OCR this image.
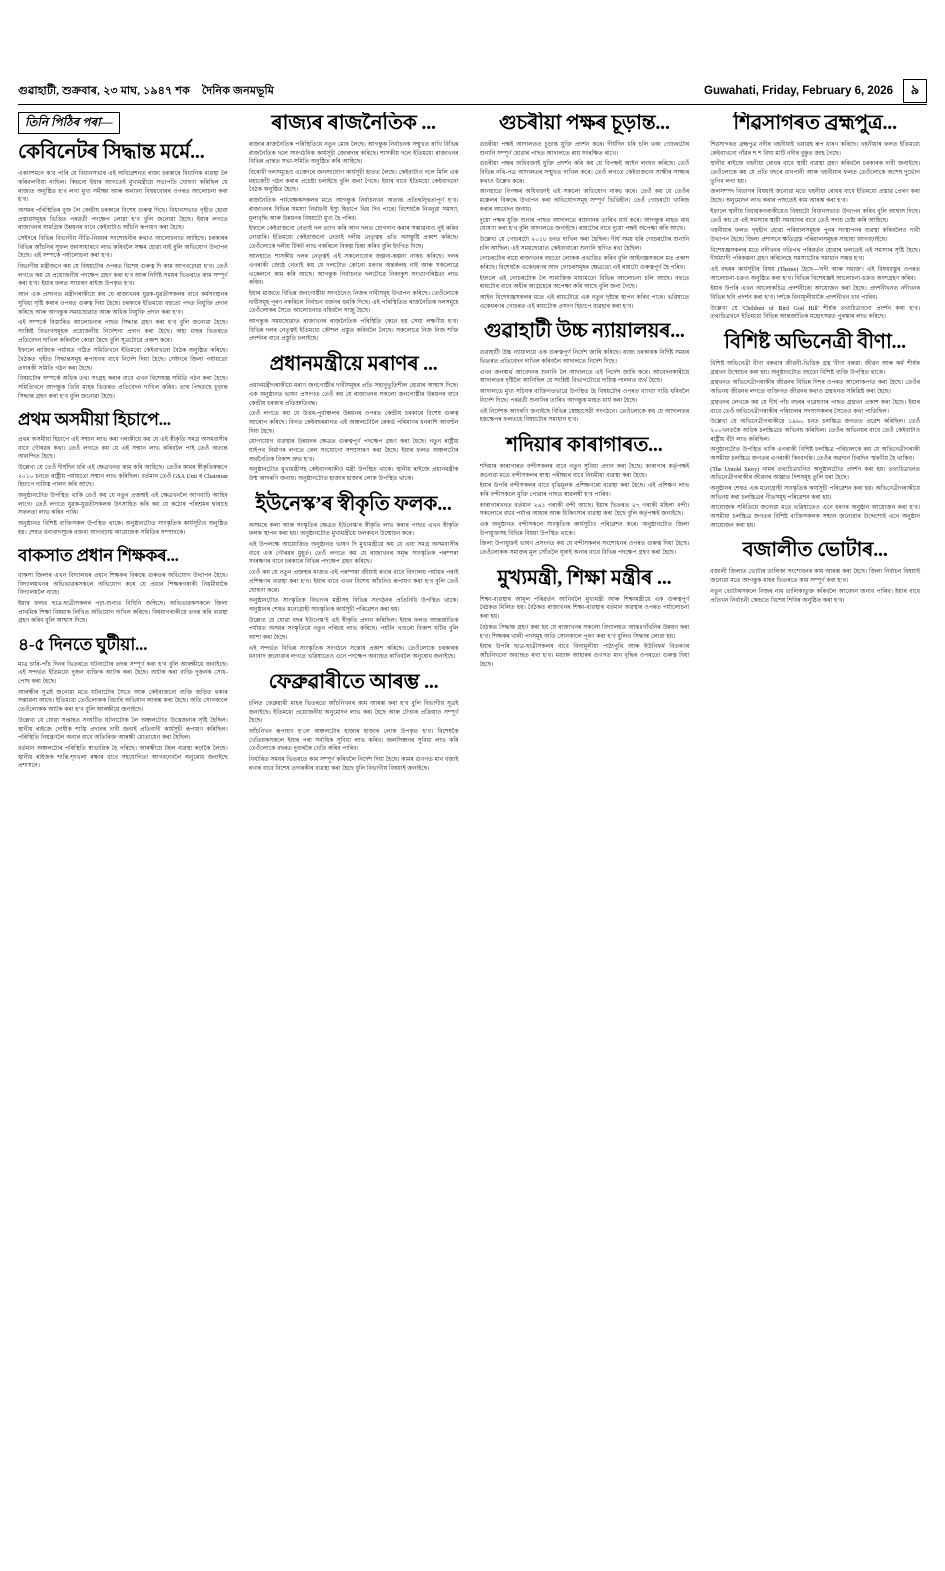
গুৱাহাটী, শুক্ৰবাৰ, ২৩ মাঘ, ১৯৪৭ শক দৈনিক জনমভূমি	Guwahati, Friday, February 6, 2026	৯
তিনি পিঠিৰ পৰা—
কেবিনেটৰ সিদ্ধান্ত মৰ্মে...

একাংশমনে ক’ব পাৰি যে বিধানসভাৰ এই অধিৱেশনত ৰাজ্য চৰকাৰে বিধানিক ব্যৱস্থা লৈ কৰিবলগীয়া নাছিল। কিয়নো ইয়াৰ আগতেই মুখ্যমন্ত্ৰীয়ে সভাপতি ঘোষণা কৰিছিল যে ৰাজ্যত অনুষ্ঠিত হ’ব লগা মুখ্য সমীক্ষা আৰু অন্যান্য বিষয়বোৰৰ ওপৰত আলোচনা কৰা হ’ব।

অসমৰ পৰিস্থিতিৰ বুজ লৈ কেন্দ্ৰীয় চৰকাৰে বিশেষ গুৰুত্ব দিছে। বিধানসভাত গৃহীত হোৱা প্ৰস্তাৱসমূহৰ ভিত্তিত পৰৱৰ্তী পদক্ষেপ লোৱা হ’ব বুলি জনোৱা হৈছে। ইয়াৰ লগতে ৰাজ্যখনৰ সামগ্ৰিক উন্নয়নৰ বাবে কেইবাটাও আঁচনি ৰূপায়ণ কৰা হৈছে।

সেইদৰে বিভিন্ন বিভাগীয় নীতি-নিয়মৰ সংশোধনীৰ কথাও আলোচনাত আহিছে। চৰকাৰৰ বিভিন্ন আঁচনিৰ সুফল জনসাধাৰণে লাভ কৰিবলৈ সক্ষম হোৱা নাই বুলি অভিযোগ উত্থাপন হৈছে। এই সম্পৰ্কে পৰ্যালোচনা কৰা হ’ব।

বিভাগীয় মন্ত্ৰীজনে কয় যে বিষয়টোৰ ওপৰত বিশেষ গুৰুত্ব দি কাম আগবঢ়োৱা হ’ব। তেওঁ লগতে কয় যে প্ৰয়োজনীয় পদক্ষেপ গ্ৰহণ কৰা হ’ব আৰু নিৰ্দিষ্ট সময়ৰ ভিতৰতে কাম সম্পূৰ্ণ কৰা হ’ব। ইয়াৰ ফলত সাধাৰণ ৰাইজ উপকৃত হ’ব।

আন এক প্ৰসংগত মন্ত্ৰীগৰাকীয়ে কয় যে ৰাজ্যখনৰ যুৱক-যুৱতীসকলৰ বাবে কৰ্মসংস্থানৰ সুবিধা সৃষ্টি কৰাৰ ওপৰত গুৰুত্ব দিয়া হৈছে। চৰকাৰে ইতিমধ্যে বহুতো পদত নিযুক্তি প্ৰদান কৰিছে আৰু আগন্তুক সময়ছোৱাত আৰু অধিক নিযুক্তি প্ৰদান কৰা হ’ব।

এই সম্পৰ্কে বিস্তাৰিত আলোচনাৰ পাছত সিদ্ধান্ত গ্ৰহণ কৰা হ’ব বুলি জনোৱা হৈছে। সংশ্লিষ্ট বিভাগসমূহক প্ৰয়োজনীয় নিৰ্দেশনা প্ৰদান কৰা হৈছে। অহা মাহৰ ভিতৰতে প্ৰতিবেদন দাখিল কৰিবলৈ কোৱা হৈছে বুলি সূত্ৰটোৱে প্ৰকাশ কৰে।

ইফালে ৰাজ্যিক পৰ্যায়ত গঠিত সমিতিখনে ইতিমধ্যে কেইবাখনো বৈঠক অনুষ্ঠিত কৰিছে। বৈঠকত গৃহীত সিদ্ধান্তসমূহ ৰূপায়ণৰ বাবে নিৰ্দেশ দিয়া হৈছে। সেইদৰে জিলা পৰ্যায়তো তদাৰকী সমিতি গঠন কৰা হৈছে।

বিষয়টোৰ সম্পৰ্কে অধিক তথ্য সংগ্ৰহ কৰাৰ বাবে এখন বিশেষজ্ঞ সমিতি গঠন কৰা হৈছে। সমিতিখনে আগন্তুক তিনি মাহৰ ভিতৰত প্ৰতিবেদন দাখিল কৰিব। তাৰ পিছতহে চূড়ান্ত সিদ্ধান্ত গ্ৰহণ কৰা হ’ব বুলি জনোৱা হৈছে।

প্ৰথম অসমীয়া হিচাপে...

প্ৰথম অসমীয়া হিচাপে এই সন্মান লাভ কৰা গৰাকীয়ে কয় যে এই স্বীকৃতি সমগ্ৰ অসমবাসীৰ বাবে গৌৰৱৰ কথা। তেওঁ লগতে কয় যে এই সন্মান লাভ কৰিবলৈ পাই তেওঁ অত্যন্ত আনন্দিত হৈছে।

উল্লেখ্য যে তেওঁ দীৰ্ঘদিন ধৰি এই ক্ষেত্ৰখনত কাম কৰি আহিছে। তেওঁৰ কামৰ স্বীকৃতিস্বৰূপে ২০১০ চনতে ৰাষ্ট্ৰীয় পৰ্যায়তো সন্মান লাভ কৰিছিল। বৰ্তমান তেওঁ GSA Unit ৰ Chairman হিচাপে দায়িত্ব পালন কৰি আছে।

অনুষ্ঠানটোত উপস্থিত থাকি তেওঁ কয় যে নতুন প্ৰজন্মই এই ক্ষেত্ৰখনলৈ আগবাঢ়ি আহিব লাগে। তেওঁ লগতে যুৱক-যুৱতীসকলক উৎসাহিত কৰি কয় যে কঠোৰ পৰিশ্ৰমৰ দ্বাৰাহে সফলতা লাভ কৰিব পাৰি।

অনুষ্ঠানত বিশিষ্ট ব্যক্তিসকল উপস্থিত থাকে। অনুষ্ঠানটোত সাংস্কৃতিক কাৰ্যসূচীও অনুষ্ঠিত হয়। শেষত ধন্যবাদসূচক বক্তব্য আগবঢ়ায় আয়োজক সমিতিৰ সম্পাদকে।

বাকসাত প্ৰধান শিক্ষকৰ...

বাকসা জিলাৰ এখন বিদ্যালয়ৰ প্ৰধান শিক্ষকৰ বিৰুদ্ধে গুৰুতৰ অভিযোগ উত্থাপন হৈছে। বিদ্যালয়খনৰ অভিভাৱকসকলে অভিযোগ কৰে যে প্ৰধান শিক্ষকগৰাকী নিয়মীয়াকৈ বিদ্যালয়লৈ নাহে।

ইয়াৰ ফলত ছাত্ৰ-ছাত্ৰীসকলৰ পঢ়া-শুনাত বিঘিনি জন্মিছে। অভিভাৱকসকলে জিলা প্ৰাথমিক শিক্ষা বিষয়াক লিখিত অভিযোগ দাখিল কৰিছে। বিষয়াগৰাকীয়ে তদন্ত কৰি ব্যৱস্থা গ্ৰহণ কৰিব বুলি আশ্বাস দিছে।

৪-৫ দিনতে ঘুটীয়া...

মাত্ৰ চাৰি-পাঁচ দিনৰ ভিতৰতে ঘটনাটোৰ তদন্ত সম্পূৰ্ণ কৰা হ’ব বুলি আৰক্ষীয়ে জনাইছে। এই সন্দৰ্ভত ইতিমধ্যে দুজন ব্যক্তিক আটক কৰা হৈছে। আটক কৰা ব্যক্তি দুজনক সোধ-পোছ কৰা হৈছে।

আৰক্ষীৰ সূত্ৰই জনোৱা মতে ঘটনাটোৰ সৈতে আৰু কেইবাজনো ব্যক্তি জড়িত থকাৰ সম্ভাৱনা আছে। ইতিমধ্যে তেওঁলোকক বিচাৰি অভিযান আৰম্ভ কৰা হৈছে। অতি সোনকালে তেওঁলোকক আটক কৰা হ’ব বুলি আৰক্ষীয়ে জনাইছে।

উল্লেখ্য যে যোৱা সপ্তাহত সংঘটিত ঘটনাটোক লৈ অঞ্চলটোত উত্তেজনাৰ সৃষ্টি হৈছিল। স্থানীয় ৰাইজে দোষীক শাস্তি প্ৰদানৰ দাবী জনাই প্ৰতিবাদী কাৰ্যসূচী ৰূপায়ণ কৰিছিল। পৰিস্থিতি নিয়ন্ত্ৰণলৈ অনাৰ বাবে অতিৰিক্ত আৰক্ষী মোতায়েন কৰা হৈছিল।

বৰ্তমান অঞ্চলটোৰ পৰিস্থিতি স্বাভাৱিক হৈ পৰিছে। আৰক্ষীয়ে টহল ব্যৱস্থা কঢ়াকৈ লৈছে। স্থানীয় ৰাইজক শান্তি-শৃংখলা ৰক্ষাৰ বাবে সহযোগিতা আগবঢ়াবলৈ অনুৰোধ জনাইছে প্ৰশাসনে।

ৰাজ্যৰ ৰাজনৈতিক ...

ৰাজ্যৰ ৰাজনৈতিক পৰিস্থিতিয়ে নতুন মোৰ লৈছে। আগন্তুক নিৰ্বাচনক সন্মুখত ৰাখি বিভিন্ন ৰাজনৈতিক দলে সাংগঠনিক কাৰ্যসূচী জোৰদাৰ কৰিছে। শাসকীয় দলে ইতিমধ্যে ৰাজ্যখনৰ বিভিন্ন প্ৰান্তত সভা-সমিতি অনুষ্ঠিত কৰি আহিছে।

বিৰোধী দলসমূহেও একেদৰে জনসংযোগ কাৰ্যসূচী হাতত লৈছে। কেইবাটাও দলে মিলি এক মহাজোঁট গঠন কৰাৰ প্ৰচেষ্টা চলাইছে বুলি জনা গৈছে। ইয়াৰ বাবে ইতিমধ্যে কেইবাখনো বৈঠক অনুষ্ঠিত হৈছে।

ৰাজনৈতিক পৰ্যবেক্ষকসকলৰ মতে আগন্তুক নিৰ্বাচনখন অত্যন্ত প্ৰতিদ্বন্দ্বিতাপূৰ্ণ হ’ব। ৰাজ্যখনৰ বিভিন্ন সমস্যা নিৰ্বাচনী ইস্যু হিচাপে থিয় দিব পাৰে। বিশেষকৈ নিবনুৱা সমস্যা, মূল্যবৃদ্ধি আৰু উন্নয়নৰ বিষয়টো মুখ্য হৈ পৰিব।

ইফালে কেইবাজনো নেতাই দল ত্যাগ কৰি আন দলত যোগদান কৰাৰ সম্ভাৱনাও নুই কৰিব নোৱাৰি। ইতিমধ্যে কেইবাজনো নেতাই দলীয় নেতৃত্বৰ প্ৰতি অসন্তুষ্টি প্ৰকাশ কৰিছে। তেওঁলোকে দলীয় টিকট লাভ নকৰিলে বিকল্প চিন্তা কৰিব বুলি ইংগিত দিছে।

আনহাতে শাসকীয় দলৰ নেতৃত্বই এই সকলোবোৰ জল্পনা-কল্পনা নাকচ কৰিছে। দলৰ এগৰাকী জ্যেষ্ঠ নেতাই কয় যে দলটোত কোনো ধৰণৰ অন্তৰ্কলহ নাই আৰু সকলোৱে একেলগে কাম কৰি আছে। আগন্তুক নিৰ্বাচনত দলটোৱে নিৰংকুশ সংখ্যাগৰিষ্ঠতা লাভ কৰিব।

ইয়াৰ মাজতে বিভিন্ন জনগোষ্ঠীয় সংগঠনেও নিজৰ দাবীসমূহ উত্থাপন কৰিছে। তেওঁলোকে দাবীসমূহ পূৰণ নকৰিলে নিৰ্বাচন বৰ্জনৰ হুমকি দিছে। এই পৰিস্থিতিত ৰাজনৈতিক দলসমূহে তেওঁলোকৰ সৈতে আলোচনাত বহিবলৈ সাজু হৈছে।

আগন্তুক সময়ছোৱাত ৰাজ্যখনৰ ৰাজনৈতিক পৰিস্থিতি কেনে হয় সেয়া লক্ষণীয় হ’ব। বিভিন্ন দলৰ নেতৃত্বই ইতিমধ্যে কৌশল প্ৰস্তুত কৰিবলৈ লৈছে। সকলোৱে নিজ নিজ শক্তি প্ৰদৰ্শনৰ বাবে প্ৰস্তুতি চলাইছে।

প্ৰধানমন্ত্ৰীয়ে মৰাণৰ ...

প্ৰধানমন্ত্ৰীগৰাকীয়ে মৰাণ জনগোষ্ঠীৰ দাবীসমূহৰ প্ৰতি সহানুভূতিশীল হোৱাৰ আশ্বাস দিছে। এক অনুষ্ঠানত ভাষণ প্ৰসংগত তেওঁ কয় যে ৰাজ্যখনৰ সকলো জনগোষ্ঠীৰ উন্নয়নৰ বাবে কেন্দ্ৰীয় চৰকাৰ প্ৰতিশ্ৰুতিবদ্ধ।

তেওঁ লগতে কয় যে উত্তৰ-পূৰ্বাঞ্চলৰ উন্নয়নৰ ওপৰত কেন্দ্ৰীয় চৰকাৰে বিশেষ গুৰুত্ব আৰোপ কৰিছে। বিগত কেইবছৰমানত এই অঞ্চলটোলৈ ৰেকৰ্ড পৰিমাণৰ ধনৰাশি আবণ্টন দিয়া হৈছে।

যোগাযোগ ব্যৱস্থাৰ উন্নয়নৰ ক্ষেত্ৰত গুৰুত্বপূৰ্ণ পদক্ষেপ গ্ৰহণ কৰা হৈছে। নতুন ৰাষ্ট্ৰীয় ঘাইপথ নিৰ্মাণৰ লগতে ৰেল সংযোগো সম্প্ৰসাৰণ কৰা হৈছে। ইয়াৰ ফলত অঞ্চলটোৰ অৰ্থনৈতিক বিকাশ দ্ৰুত হ’ব।

অনুষ্ঠানটোত মুখ্যমন্ত্ৰীসহ কেইবাগৰাকীও মন্ত্ৰী উপস্থিত থাকে। স্থানীয় ৰাইজে প্ৰধানমন্ত্ৰীক উষ্ম আদৰণি জনায়। অনুষ্ঠানটোত হাজাৰ হাজাৰ লোক উপস্থিত থাকে।

ইউনেস্ক’ৰ স্বীকৃতি ফলক...

অসমৰে কলা আৰু সংস্কৃতিৰ ক্ষেত্ৰত ইউনেস্ক’ৰ স্বীকৃতি লাভ কৰাৰ পাছত এখন স্বীকৃতি ফলক স্থাপন কৰা হয়। অনুষ্ঠানটোত মুখ্যমন্ত্ৰীয়ে ফলকখন উন্মোচন কৰে।

এই উপলক্ষে আয়োজিত অনুষ্ঠানত ভাষণ দি মুখ্যমন্ত্ৰীয়ে কয় যে এয়া সমগ্ৰ অসমবাসীৰ বাবে এক গৌৰৱৰ মুহূৰ্ত। তেওঁ লগতে কয় যে ৰাজ্যখনৰ সমৃদ্ধ সাংস্কৃতিক পৰম্পৰা সংৰক্ষণৰ বাবে চৰকাৰে বিভিন্ন পদক্ষেপ গ্ৰহণ কৰিছে।

তেওঁ কয় যে নতুন প্ৰজন্মৰ মাজত এই পৰম্পৰা জীয়াই ৰখাৰ বাবে বিদ্যালয় পৰ্যায়ৰ পৰাই প্ৰশিক্ষণৰ ব্যৱস্থা কৰা হ’ব। ইয়াৰ বাবে এখন বিশেষ আঁচনিও ৰূপায়ণ কৰা হ’ব বুলি তেওঁ ঘোষণা কৰে।

অনুষ্ঠানটোত সাংস্কৃতিক বিভাগৰ মন্ত্ৰীসহ বিভিন্ন সংগঠনৰ প্ৰতিনিধি উপস্থিত থাকে। অনুষ্ঠানৰ শেষত মনোগ্ৰাহী সাংস্কৃতিক কাৰ্যসূচী পৰিৱেশন কৰা হয়।

উল্লেখ্য যে যোৱা বছৰ ইউনেস্ক’ই এই স্বীকৃতি প্ৰদান কৰিছিল। ইয়াৰ ফলত আন্তৰ্জাতিক পৰ্যায়ত অসমৰ সংস্কৃতিয়ে নতুন পৰিচয় লাভ কৰিছে। পৰ্যটন খণ্ডৰো বিকাশ ঘটিব বুলি আশা কৰা হৈছে।

এই সন্দৰ্ভত বিভিন্ন সাংস্কৃতিক সংগঠনে সন্তোষ প্ৰকাশ কৰিছে। তেওঁলোকে চৰকাৰক ধন্যবাদ জনোৱাৰ লগতে ভৱিষ্যতেও এনে পদক্ষেপ অব্যাহত ৰাখিবলৈ অনুৰোধ জনাইছে।

ফেব্ৰুৱাৰীতে আৰম্ভ ...

চলিত ফেব্ৰুৱাৰী মাহৰ ভিতৰতে আঁচনিখনৰ কাম আৰম্ভ কৰা হ’ব বুলি বিভাগীয় সূত্ৰই জনাইছে। ইতিমধ্যে প্ৰয়োজনীয় অনুমোদন লাভ কৰা হৈছে আৰু টেণ্ডাৰ প্ৰক্ৰিয়াও সম্পূৰ্ণ হৈছে।

আঁচনিখন ৰূপায়ণ হ’লে অঞ্চলটোৰ হাজাৰ হাজাৰ লোক উপকৃত হ’ব। বিশেষকৈ খেতিয়কসকলে ইয়াৰ পৰা সৰ্বাধিক সুবিধা লাভ কৰিব। জলসিঞ্চনৰ সুবিধা লাভ কৰি তেওঁলোকে বছৰত দুবাৰকৈ খেতি কৰিব পাৰিব।

নিৰ্ধাৰিত সময়ৰ ভিতৰতে কাম সম্পূৰ্ণ কৰিবলৈ নিৰ্দেশ দিয়া হৈছে। কামৰ গুণগত মান বজাই ৰখাৰ বাবে বিশেষ তদাৰকীৰ ব্যৱস্থা কৰা হৈছে বুলি বিভাগীয় বিষয়াই জনাইছে।

গুচৰীয়া পক্ষৰ চূড়ান্ত...

গুচৰীয়া পক্ষই আদালতত চূড়ান্ত যুক্তি প্ৰদৰ্শন কৰে। দীৰ্ঘদিন ধৰি চলি থকা গোচৰটোৰ শুনানি সম্পূৰ্ণ হোৱাৰ পাছত আদালতে ৰায় সংৰক্ষিত ৰাখে।

গুচৰীয়া পক্ষৰ অধিবক্তাই যুক্তি প্ৰদৰ্শন কৰি কয় যে বিপক্ষই আইন লংঘন কৰিছে। তেওঁ বিভিন্ন নথি-পত্ৰ আদালতৰ সন্মুখত দাখিল কৰে। তেওঁ লগতে কেইবাজনো সাক্ষীৰ সাক্ষ্যৰ কথাও উল্লেখ কৰে।

আনহাতে বিপক্ষৰ অধিবক্তাই এই সকলো অভিযোগ নাকচ কৰে। তেওঁ কয় যে তেওঁৰ মক্কেলৰ বিৰুদ্ধে উত্থাপন কৰা অভিযোগসমূহ সম্পূৰ্ণ ভিত্তিহীন। তেওঁ গোচৰটো খাৰিজ কৰাৰ আবেদন জনায়।

দুয়ো পক্ষৰ যুক্তি শুনাৰ পাছত আদালতে ৰায়দানৰ তাৰিখ ধাৰ্য কৰে। আগন্তুক মাহত ৰায় ঘোষণা কৰা হ’ব বুলি আদালতে জনাইছে। ৰায়টোৰ বাবে দুয়ো পক্ষই অপেক্ষা কৰি আছে।

উল্লেখ্য যে গোচৰটো ২০১৮ চনত দাখিল কৰা হৈছিল। দীৰ্ঘ সময় ধৰি গোচৰটোৰ শুনানি চলি আছিল। এই সময়ছোৱাত কেইবাবাৰো শুনানি স্থগিত ৰখা হৈছিল।

গোচৰটোৰ ৰায়ে ৰাজ্যখনৰ বহুতো লোকক প্ৰভাৱিত কৰিব বুলি আইনজ্ঞসকলে মত প্ৰকাশ কৰিছে। বিশেষকৈ একেধৰণৰ আন গোচৰসমূহৰ ক্ষেত্ৰতো এই ৰায়টো গুৰুত্বপূৰ্ণ হৈ পৰিব।

ইফালে এই গোচৰটোক লৈ সামাজিক মাধ্যমতো বিভিন্ন আলোচনা চলি আছে। বহুতে ৰায়টোৰ বাবে অধীৰ আগ্ৰহেৰে অপেক্ষা কৰি আছে বুলি জনা গৈছে।

আইন বিশেষজ্ঞসকলৰ মতে এই ৰায়টোৱে এক নতুন দৃষ্টান্ত স্থাপন কৰিব পাৰে। ভৱিষ্যতে একেধৰণৰ গোচৰত এই ৰায়টোক প্ৰসংগ হিচাপে ব্যৱহাৰ কৰা হ’ব।

গুৱাহাটী উচ্চ ন্যায়ালয়ৰ...

গুৱাহাটী উচ্চ ন্যায়ালয়ে এক গুৰুত্বপূৰ্ণ নিৰ্দেশ জাৰি কৰিছে। ৰাজ্য চৰকাৰক নিৰ্দিষ্ট সময়ৰ ভিতৰত প্ৰতিবেদন দাখিল কৰিবলৈ আদালতে নিৰ্দেশ দিছে।

এখন জনস্বাৰ্থ আবেদনৰ শুনানি লৈ আদালতে এই নিৰ্দেশ জাৰি কৰে। আবেদনকাৰীয়ে আদালতৰ দৃষ্টিলৈ আনিছিল যে সংশ্লিষ্ট বিভাগটোৱে দায়িত্ব পালনত ব্যৰ্থ হৈছে।

আদালতে মুখ্য সচিবক ব্যক্তিগতভাৱে উপস্থিত হৈ বিষয়টোৰ ওপৰত ব্যাখ্যা দাঙি ধৰিবলৈ নিৰ্দেশ দিছে। পৰৱৰ্তী শুনানিৰ তাৰিখ আগন্তুক মাহত ধাৰ্য কৰা হৈছে।

এই নিৰ্দেশক আদৰণি জনাইছে বিভিন্ন স্বেচ্ছাসেৱী সংগঠনে। তেওঁলোকে কয় যে আদালতৰ হস্তক্ষেপৰ ফলতহে বিষয়টোৰ সমাধান হ’ব।

শদিয়াৰ কাৰাগাৰত...

শদিয়াৰ কাৰাগাৰত বন্দীসকলৰ বাবে নতুন সুবিধা প্ৰদান কৰা হৈছে। কাৰাগাৰ কৰ্তৃপক্ষই জনোৱা মতে বন্দীসকলৰ স্বাস্থ্য পৰীক্ষাৰ বাবে নিয়মীয়া ব্যৱস্থা কৰা হৈছে।

ইয়াৰ উপৰি বন্দীসকলৰ বাবে বৃত্তিমূলক প্ৰশিক্ষণৰো ব্যৱস্থা কৰা হৈছে। এই প্ৰশিক্ষণ লাভ কৰি বন্দীসকলে মুক্তি পোৱাৰ পাছত স্বাৱলম্বী হ’ব পাৰিব।

কাৰাগাৰখনত বৰ্তমান ২৬১ গৰাকী বন্দী আছে। ইয়াৰ ভিতৰত ২৭ গৰাকী মহিলা বন্দী। সকলোৰে বাবে পৰ্যাপ্ত আহাৰ আৰু চিকিৎসাৰ ব্যৱস্থা কৰা হৈছে বুলি কৰ্তৃপক্ষই জনাইছে।

এক অনুষ্ঠানত বন্দীসকলে সাংস্কৃতিক কাৰ্যসূচীও পৰিৱেশন কৰে। অনুষ্ঠানটোত জিলা উপায়ুক্তসহ বিভিন্ন বিষয়া উপস্থিত থাকে।

জিলা উপায়ুক্তই ভাষণ প্ৰসংগত কয় যে বন্দীসকলৰ সংশোধনৰ ওপৰত গুৰুত্ব দিয়া হৈছে। তেওঁলোকক সমাজৰ মূল সোঁতলৈ ঘূৰাই অনাৰ বাবে বিভিন্ন পদক্ষেপ গ্ৰহণ কৰা হৈছে।

মুখ্যমন্ত্ৰী, শিক্ষা মন্ত্ৰীৰ ...

শিক্ষা-ব্যৱস্থাৰ আমূল পৰিৱৰ্তন আনিবলৈ মুখ্যমন্ত্ৰী আৰু শিক্ষামন্ত্ৰীয়ে এক গুৰুত্বপূৰ্ণ বৈঠকত মিলিত হয়। বৈঠকত ৰাজ্যখনৰ শিক্ষা-ব্যৱস্থাৰ বৰ্তমান অৱস্থাৰ ওপৰত পৰ্যালোচনা কৰা হয়।

বৈঠকত সিদ্ধান্ত গ্ৰহণ কৰা হয় যে ৰাজ্যখনৰ সকলো বিদ্যালয়ত আন্তঃগাঁথনিৰ উন্নয়ন কৰা হ’ব। শিক্ষকৰ খালী পদসমূহ অতি সোনকালে পূৰণ কৰা হ’ব বুলিও সিদ্ধান্ত লোৱা হয়।

ইয়াৰ উপৰি ছাত্ৰ-ছাত্ৰীসকলৰ বাবে বিনামূলীয়া পাঠ্যপুথি আৰু ইউনিফৰ্ম বিতৰণৰ আঁচনিখনো অব্যাহত ৰখা হ’ব। মধ্যাহ্ন আহাৰৰ গুণগত মান বৃদ্ধিৰ ওপৰতো গুৰুত্ব দিয়া হৈছে।

শিৱসাগৰত ব্ৰহ্মপুত্ৰ...

শিৱসাগৰত ব্ৰহ্মপুত্ৰ নদীৰ খহনীয়াই ভয়াৱহ ৰূপ ধাৰণ কৰিছে। খহনীয়াৰ ফলত ইতিমধ্যে কেইবাখনো গাঁৱৰ শ শ বিঘা মাটি নদীৰ বুকুত জাহ গৈছে।

স্থানীয় ৰাইজে খহনীয়া ৰোধৰ বাবে স্থায়ী ব্যৱস্থা গ্ৰহণ কৰিবলৈ চৰকাৰক দাবী জনাইছে। তেওঁলোকে কয় যে প্ৰতি বছৰে বানপানী আৰু খহনীয়াৰ ফলত তেওঁলোকে অশেষ দুৰ্ভোগ ভুগিব লগা হয়।

জলসম্পদ বিভাগৰ বিষয়াই জনোৱা মতে খহনীয়া ৰোধৰ বাবে ইতিমধ্যে প্ৰস্তাৱ প্ৰেৰণ কৰা হৈছে। অনুমোদন লাভ কৰাৰ পাছতেই কাম আৰম্ভ কৰা হ’ব।

ইফালে স্থানীয় বিধায়কগৰাকীয়েও বিষয়টো বিধানসভাত উত্থাপন কৰিব বুলি আশ্বাস দিছে। তেওঁ কয় যে এই সমস্যাৰ স্থায়ী সমাধানৰ বাবে তেওঁ সদায় চেষ্টা কৰি আহিছে।

খহনীয়াৰ ফলত গৃহহীন হোৱা পৰিয়ালসমূহক পুনৰ সংস্থাপনৰ ব্যৱস্থা কৰিবলৈও দাবী উত্থাপন হৈছে। জিলা প্ৰশাসনে ক্ষতিগ্ৰস্ত পৰিয়ালসমূহক সাহায্য আগবঢ়াইছে।

বিশেষজ্ঞসকলৰ মতে নদীখনৰ গতিপথ পৰিৱৰ্তন হোৱাৰ ফলতেই এই সমস্যাৰ সৃষ্টি হৈছে। দীৰ্ঘম্যাদী পৰিকল্পনা গ্ৰহণ কৰিলেহে সমস্যাটোৰ সমাধান সম্ভৱ হ’ব।

এই বছৰৰ কাৰ্যসূচীৰ বিষয় (Theme) হৈছে—'নদী আৰু সমাজ'। এই বিষয়বস্তুৰ ওপৰত আলোচনা-চক্ৰও অনুষ্ঠিত কৰা হ’ব। বিভিন্ন বিশেষজ্ঞই আলোচনা-চক্ৰত অংশগ্ৰহণ কৰিব।

ইয়াৰ উপৰি এখন আলোকচিত্ৰ প্ৰদৰ্শনীৰো আয়োজন কৰা হৈছে। প্ৰদৰ্শনীখনত নদীখনৰ বিভিন্ন ছবি প্ৰদৰ্শন কৰা হ’ব। দৰ্শকে বিনামূলীয়াকৈ প্ৰদৰ্শনীখন চাব পাৰিব।

উল্লেখ্য যে 'Children of Bird God Hill' শীৰ্ষক তথ্যচিত্ৰখনো প্ৰদৰ্শন কৰা হ’ব। তথ্যচিত্ৰখনে ইতিমধ্যে বিভিন্ন আন্তৰ্জাতিক মহোৎসৱত পুৰস্কাৰ লাভ কৰিছে।

বিশিষ্ট অভিনেত্ৰী বীণা...

বিশিষ্ট অভিনেত্ৰী বীণা বৰুৱাৰ জীৱনী-ভিত্তিক গ্ৰন্থ 'বীণা বৰুৱা: জীৱন আৰু কৰ্ম' শীৰ্ষক গ্ৰন্থখন উন্মোচন কৰা হয়। অনুষ্ঠানটোত বহুতো বিশিষ্ট ব্যক্তি উপস্থিত থাকে।

গ্ৰন্থখনত অভিনেত্ৰীগৰাকীৰ জীৱনৰ বিভিন্ন দিশৰ ওপৰত আলোকপাত কৰা হৈছে। তেওঁৰ অভিনয় জীৱনৰ লগতে ব্যক্তিগত জীৱনৰ কথাও গ্ৰন্থখনত সন্নিৱিষ্ট কৰা হৈছে।

গ্ৰন্থখনৰ লেখকে কয় যে দীৰ্ঘ পাঁচ বছৰৰ গৱেষণাৰ পাছত গ্ৰন্থখন প্ৰকাশ কৰা হৈছে। ইয়াৰ বাবে তেওঁ অভিনেত্ৰীগৰাকীৰ পৰিয়ালৰ সদস্যসকলৰ সৈতেও কথা পাতিছিল।

উল্লেখ্য যে অভিনেত্ৰীগৰাকীয়ে ১৯৬০ চনত চলচ্চিত্ৰ জগতত প্ৰৱেশ কৰিছিল। তেওঁ ২০০খনতকৈ অধিক চলচ্চিত্ৰত অভিনয় কৰিছিল। তেওঁৰ অভিনয়ৰ বাবে তেওঁ কেইবাটাও ৰাষ্ট্ৰীয় বঁটা লাভ কৰিছিল।

অনুষ্ঠানটোত উপস্থিত থাকি এগৰাকী বিশিষ্ট চলচ্চিত্ৰ পৰিচালকে কয় যে অভিনেত্ৰীগৰাকী অসমীয়া চলচ্চিত্ৰ জগতৰ এগৰাকী কিংবদন্তি। তেওঁৰ অৱদান চিৰদিন স্মৰণীয় হৈ থাকিব।

(The Untold Story) নামৰ তথ্যচিত্ৰখনিও অনুষ্ঠানটোত প্ৰদৰ্শন কৰা হয়। তথ্যচিত্ৰখনত অভিনেত্ৰীগৰাকীৰ জীৱনৰ অজ্ঞাত দিশসমূহ তুলি ধৰা হৈছে।

অনুষ্ঠানৰ শেষত এক মনোগ্ৰাহী সাংস্কৃতিক কাৰ্যসূচী পৰিৱেশন কৰা হয়। অভিনেত্ৰীগৰাকীয়ে অভিনয় কৰা চলচ্চিত্ৰৰ গীতসমূহ পৰিৱেশন কৰা হয়।

আয়োজক সমিতিয়ে জনোৱা মতে ভৱিষ্যতেও এনে ধৰণৰ অনুষ্ঠান আয়োজন কৰা হ’ব। অসমীয়া চলচ্চিত্ৰ জগতৰ বিশিষ্ট ব্যক্তিসকলক সন্মান জনোৱাৰ উদ্দেশ্যেই এনে অনুষ্ঠান আয়োজন কৰা হয়।

বজালীত ভোটাৰ...

বজালী জিলাত ভোটাৰ তালিকা সংশোধনৰ কাম আৰম্ভ কৰা হৈছে। জিলা নিৰ্বাচন বিষয়াই জনোৱা মতে আগন্তুক মাহৰ ভিতৰতে কাম সম্পূৰ্ণ কৰা হ’ব।

নতুন ভোটাৰসকলে নিজৰ নাম তালিকাভুক্ত কৰিবলৈ আবেদন জনাব পাৰিব। ইয়াৰ বাবে প্ৰতিখন নিৰ্বাচনী কেন্দ্ৰতে বিশেষ শিবিৰ অনুষ্ঠিত কৰা হ’ব।
